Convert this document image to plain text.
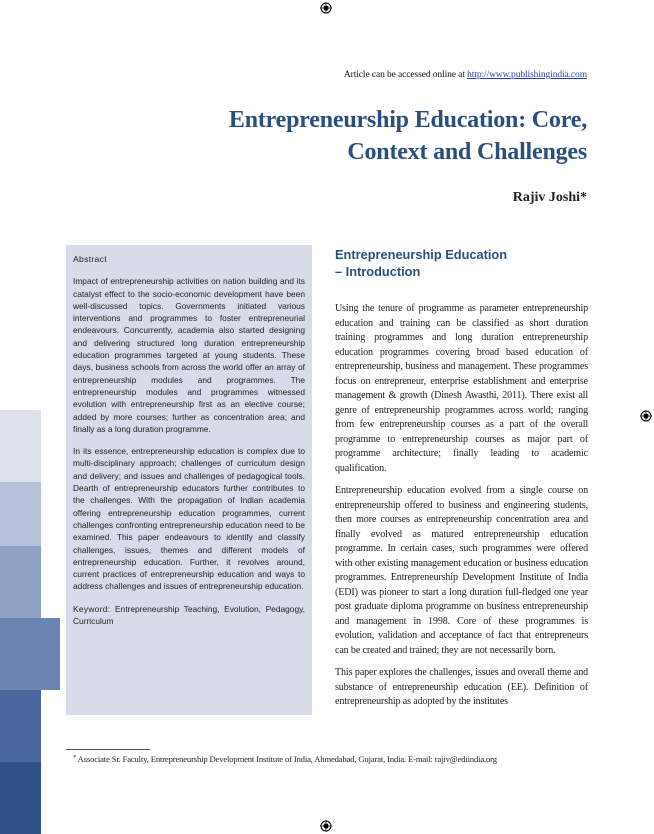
Article can be accessed online at http://www.publishingindia.com
Entrepreneurship Education: Core,
Context and Challenges
Rajiv Joshi*
Abstract

Impact of entrepreneurship activities on nation building and its catalyst effect to the socio-economic development have been well-discussed topics. Governments initiated various interventions and programmes to foster entrepreneurial endeavours. Concurrently, academia also started designing and delivering structured long duration entrepreneurship education programmes targeted at young students. These days, business schools from across the world offer an array of entrepreneurship modules and programmes. The entrepreneurship modules and programmes witnessed evolution with entrepreneurship first as an elective course; added by more courses; further as concentration area; and finally as a long duration programme.

In its essence, entrepreneurship education is complex due to multi-disciplinary approach; challenges of curriculum design and delivery; and issues and challenges of pedagogical tools. Dearth of entrepreneurship educators further contributes to the challenges. With the propagation of Indian academia offering entrepreneurship education programmes, current challenges confronting entrepreneurship education need to be examined. This paper endeavours to identify and classify challenges, issues, themes and different models of entrepreneurship education. Further, it revolves around, current practices of entrepreneurship education and ways to address challenges and issues of entrepreneurship education.

Keyword: Entrepreneurship Teaching, Evolution, Pedagogy, Curriculum

Entrepreneurship Education
– Introduction

Using the tenure of programme as parameter entrepreneurship education and training can be classified as short duration training programmes and long duration entrepreneurship education programmes covering broad based education of entrepreneurship, business and management. These programmes focus on entrepreneur, enterprise establishment and enterprise management & growth (Dinesh Awasthi, 2011). There exist all genre of entrepreneurship programmes across world; ranging from few entrepreneurship courses as a part of the overall programme to entrepreneurship courses as major part of programme architecture; finally leading to academic qualification.

Entrepreneurship education evolved from a single course on entrepreneurship offered to business and engineering students, then more courses as entrepreneurship concentration area and finally evolved as matured entrepreneurship education programme. In certain cases, such programmes were offered with other existing management education or business education programmes. Entrepreneurship Development Institute of India (EDI) was pioneer to start a long duration full-fledged one year post graduate diploma programme on business entrepreneurship and management in 1998. Core of these programmes is evolution, validation and acceptance of fact that entrepreneurs can be created and trained; they are not necessarily born.

This paper explores the challenges, issues and overall theme and substance of entrepreneurship education (EE). Definition of entrepreneurship as adopted by the institutes

* Associate Sr. Faculty, Entrepreneurship Development Institute of India, Ahmedabad, Gujarat, India. E-mail: rajiv@ediindia.org
